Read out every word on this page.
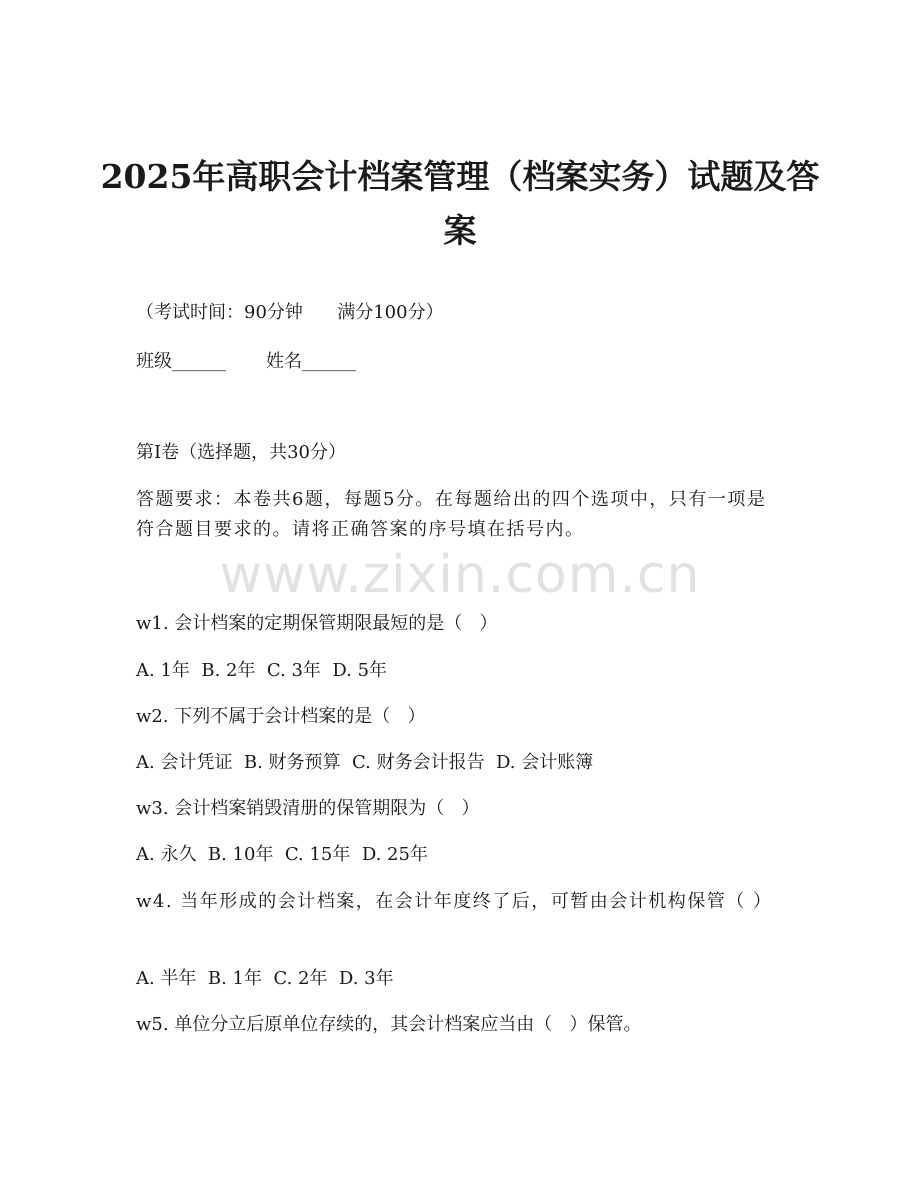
2025年高职会计档案管理（档案实务）试题及答案
（考试时间：90分钟      满分100分）
班级______       姓名______
第I卷（选择题，共30分）
答题要求：本卷共6题，每题5分。在每题给出的四个选项中，只有一项是符合题目要求的。请将正确答案的序号填在括号内。
www.zixin.com.cn
w1. 会计档案的定期保管期限最短的是（   ）
A. 1年  B. 2年  C. 3年  D. 5年
w2. 下列不属于会计档案的是（   ）
A. 会计凭证  B. 财务预算  C. 财务会计报告  D. 会计账簿
w3. 会计档案销毁清册的保管期限为（   ）
A. 永久  B. 10年  C. 15年  D. 25年
w4. 当年形成的会计档案，在会计年度终了后，可暂由会计机构保管（ ）
A. 半年  B. 1年  C. 2年  D. 3年
w5. 单位分立后原单位存续的，其会计档案应当由（   ）保管。
